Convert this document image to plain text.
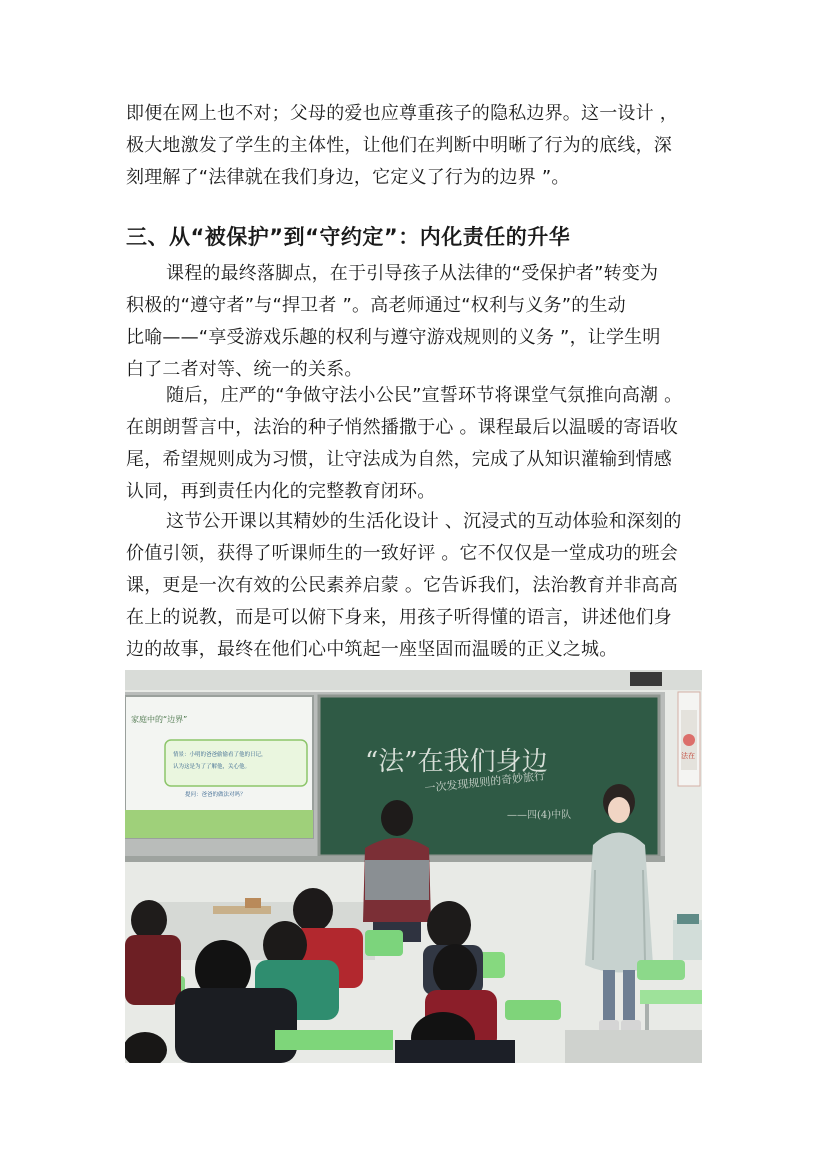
即便在网上也不对；父母的爱也应尊重孩子的隐私边界。这一设计 ，
极大地激发了学生的主体性，让他们在判断中明晰了行为的底线，深
刻理解了“法律就在我们身边，它定义了行为的边界 ”。

三、从“被保护”到“守约定”：内化责任的升华

课程的最终落脚点，在于引导孩子从法律的“受保护者”转变为
积极的“遵守者”与“捍卫者 ”。高老师通过“权利与义务”的生动
比喻——“享受游戏乐趣的权利与遵守游戏规则的义务 ”，让学生明
白了二者对等、统一的关系。

随后，庄严的“争做守法小公民”宣誓环节将课堂气氛推向高潮 。
在朗朗誓言中，法治的种子悄然播撒于心 。课程最后以温暖的寄语收
尾，希望规则成为习惯，让守法成为自然，完成了从知识灌输到情感
认同，再到责任内化的完整教育闭环。

这节公开课以其精妙的生活化设计 、沉浸式的互动体验和深刻的
价值引领，获得了听课师生的一致好评 。它不仅仅是一堂成功的班会
课，更是一次有效的公民素养启蒙 。它告诉我们，法治教育并非高高
在上的说教，而是可以俯下身来，用孩子听得懂的语言，讲述他们身
边的故事，最终在他们心中筑起一座坚固而温暖的正义之城。

家庭中的“边界”
情景：小明的爸爸偷偷看了他的日记，
认为这是为了了解他，关心他。
提问：爸爸的做法对吗？
“法”在我们身边
一次发现规则的奇妙旅行
——四(4)中队
法在
